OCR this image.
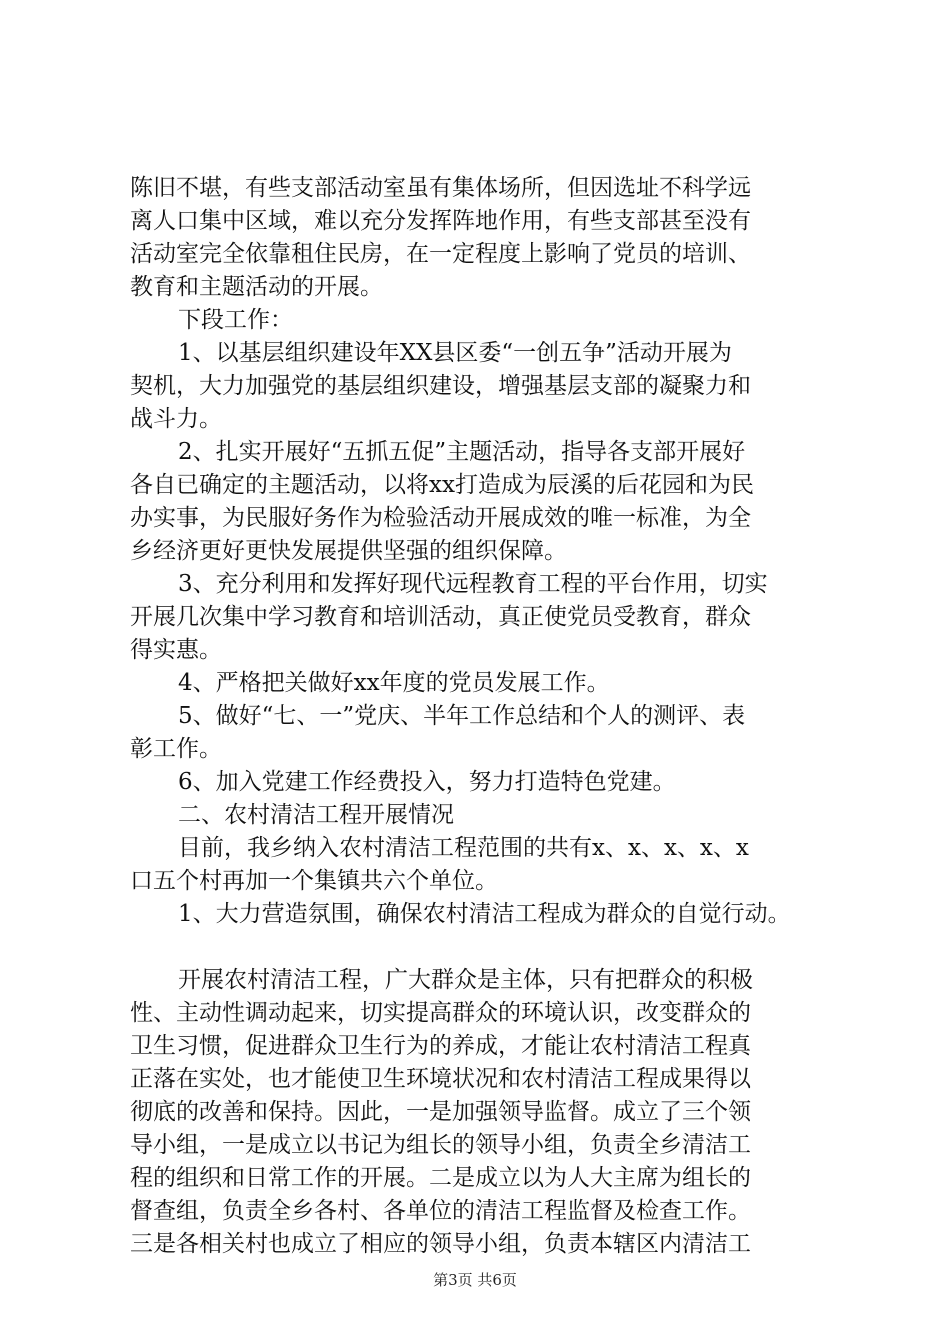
陈旧不堪，有些支部活动室虽有集体场所，但因选址不科学远
离人口集中区域，难以充分发挥阵地作用，有些支部甚至没有
活动室完全依靠租住民房，在一定程度上影响了党员的培训、
教育和主题活动的开展。
下段工作：
1、以基层组织建设年XX县区委“一创五争”活动开展为
契机，大力加强党的基层组织建设，增强基层支部的凝聚力和
战斗力。
2、扎实开展好“五抓五促”主题活动，指导各支部开展好
各自已确定的主题活动，以将xx打造成为辰溪的后花园和为民
办实事，为民服好务作为检验活动开展成效的唯一标准，为全
乡经济更好更快发展提供坚强的组织保障。
3、充分利用和发挥好现代远程教育工程的平台作用，切实
开展几次集中学习教育和培训活动，真正使党员受教育，群众
得实惠。
4、严格把关做好xx年度的党员发展工作。
5、做好“七、一”党庆、半年工作总结和个人的测评、表
彰工作。
6、加入党建工作经费投入，努力打造特色党建。
二、农村清洁工程开展情况
目前，我乡纳入农村清洁工程范围的共有x、x、x、x、x
口五个村再加一个集镇共六个单位。
1、大力营造氛围，确保农村清洁工程成为群众的自觉行动。
开展农村清洁工程，广大群众是主体，只有把群众的积极
性、主动性调动起来，切实提高群众的环境认识，改变群众的
卫生习惯，促进群众卫生行为的养成，才能让农村清洁工程真
正落在实处，也才能使卫生环境状况和农村清洁工程成果得以
彻底的改善和保持。因此，一是加强领导监督。成立了三个领
导小组，一是成立以书记为组长的领导小组，负责全乡清洁工
程的组织和日常工作的开展。二是成立以为人大主席为组长的
督查组，负责全乡各村、各单位的清洁工程监督及检查工作。
三是各相关村也成立了相应的领导小组，负责本辖区内清洁工
第3页 共6页
